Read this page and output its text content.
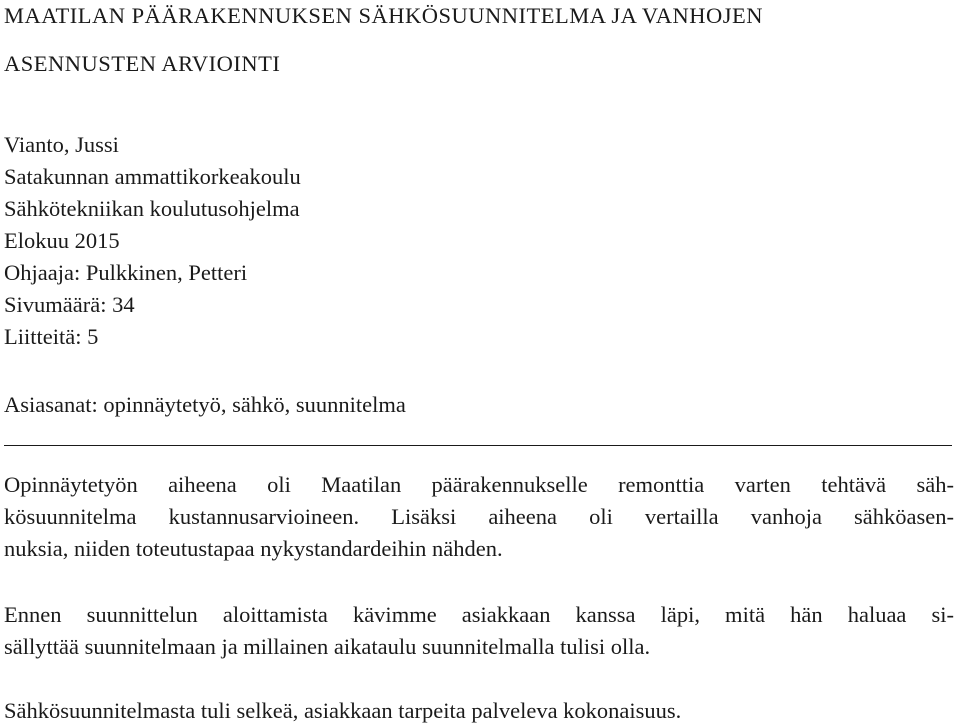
MAATILAN PÄÄRAKENNUKSEN SÄHKÖSUUNNITELMA JA VANHOJEN
ASENNUSTEN ARVIOINTI
Vianto, Jussi
Satakunnan ammattikorkeakoulu
Sähkötekniikan koulutusohjelma
Elokuu 2015
Ohjaaja: Pulkkinen, Petteri
Sivumäärä: 34
Liitteitä: 5
Asiasanat: opinnäytetyö, sähkö, suunnitelma
Opinnäytetyön aiheena oli Maatilan päärakennukselle remonttia varten tehtävä säh-
kösuunnitelma kustannusarvioineen. Lisäksi aiheena oli vertailla vanhoja sähköasen-
nuksia, niiden toteutustapaa nykystandardeihin nähden.
Ennen suunnittelun aloittamista kävimme asiakkaan kanssa läpi, mitä hän haluaa si-
sällyttää suunnitelmaan ja millainen aikataulu suunnitelmalla tulisi olla.
Sähkösuunnitelmasta tuli selkeä, asiakkaan tarpeita palveleva kokonaisuus.
